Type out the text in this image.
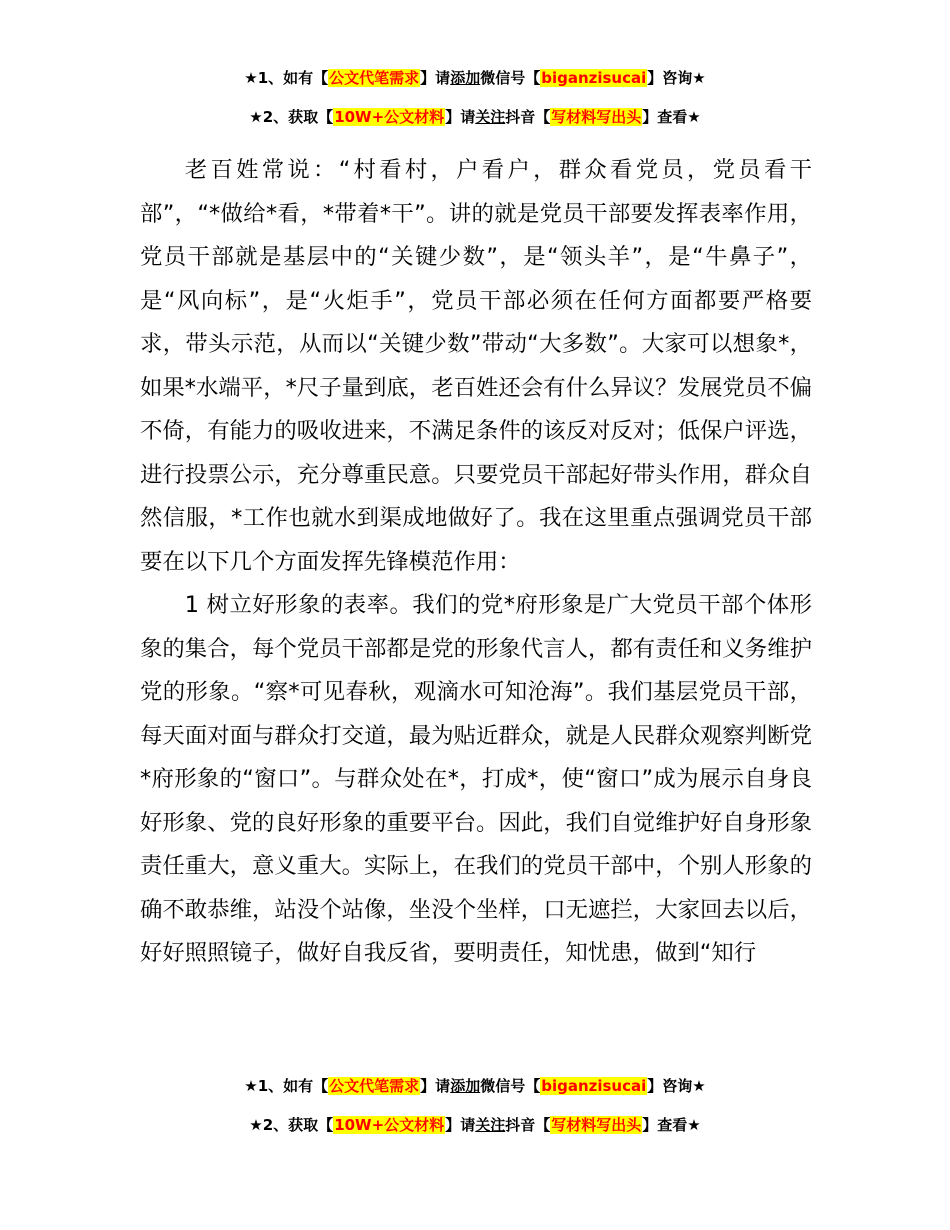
★1、如有【公文代笔需求】请添加微信号【biganzisucai】咨询★
★2、获取【10W+公文材料】请关注抖音【写材料写出头】查看★

老百姓常说：“村看村，户看户，群众看党员，党员看干部”，“*做给*看，*带着*干”。讲的就是党员干部要发挥表率作用，党员干部就是基层中的“关键少数”，是“领头羊”，是“牛鼻子”，是“风向标”，是“火炬手”，党员干部必须在任何方面都要严格要求，带头示范，从而以“关键少数”带动“大多数”。大家可以想象*，如果*水端平，*尺子量到底，老百姓还会有什么异议？发展党员不偏不倚，有能力的吸收进来，不满足条件的该反对反对；低保户评选，进行投票公示，充分尊重民意。只要党员干部起好带头作用，群众自然信服，*工作也就水到渠成地做好了。我在这里重点强调党员干部要在以下几个方面发挥先锋模范作用：

1 树立好形象的表率。我们的党*府形象是广大党员干部个体形象的集合，每个党员干部都是党的形象代言人，都有责任和义务维护党的形象。“察*可见春秋，观滴水可知沧海”。我们基层党员干部，每天面对面与群众打交道，最为贴近群众，就是人民群众观察判断党*府形象的“窗口”。与群众处在*，打成*，使“窗口”成为展示自身良好形象、党的良好形象的重要平台。因此，我们自觉维护好自身形象责任重大，意义重大。实际上，在我们的党员干部中，个别人形象的确不敢恭维，站没个站像，坐没个坐样，口无遮拦，大家回去以后，好好照照镜子，做好自我反省，要明责任，知忧患，做到“知行

★1、如有【公文代笔需求】请添加微信号【biganzisucai】咨询★
★2、获取【10W+公文材料】请关注抖音【写材料写出头】查看★
